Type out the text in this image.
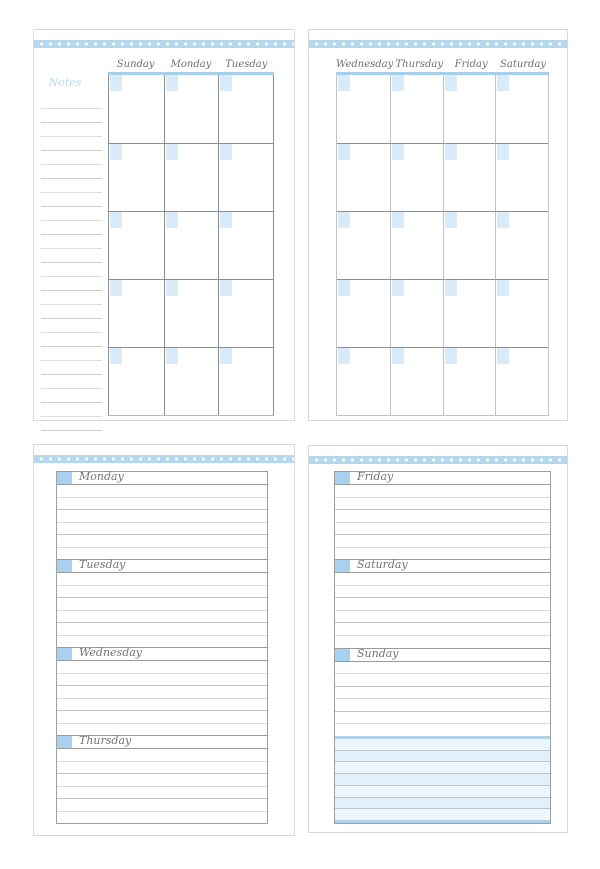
Notes
Sunday	Monday	Tuesday	Wednesday Thursday	Friday	Saturday
Monday
Tuesday
Wednesday
Thursday
Friday
Saturday
Sunday
